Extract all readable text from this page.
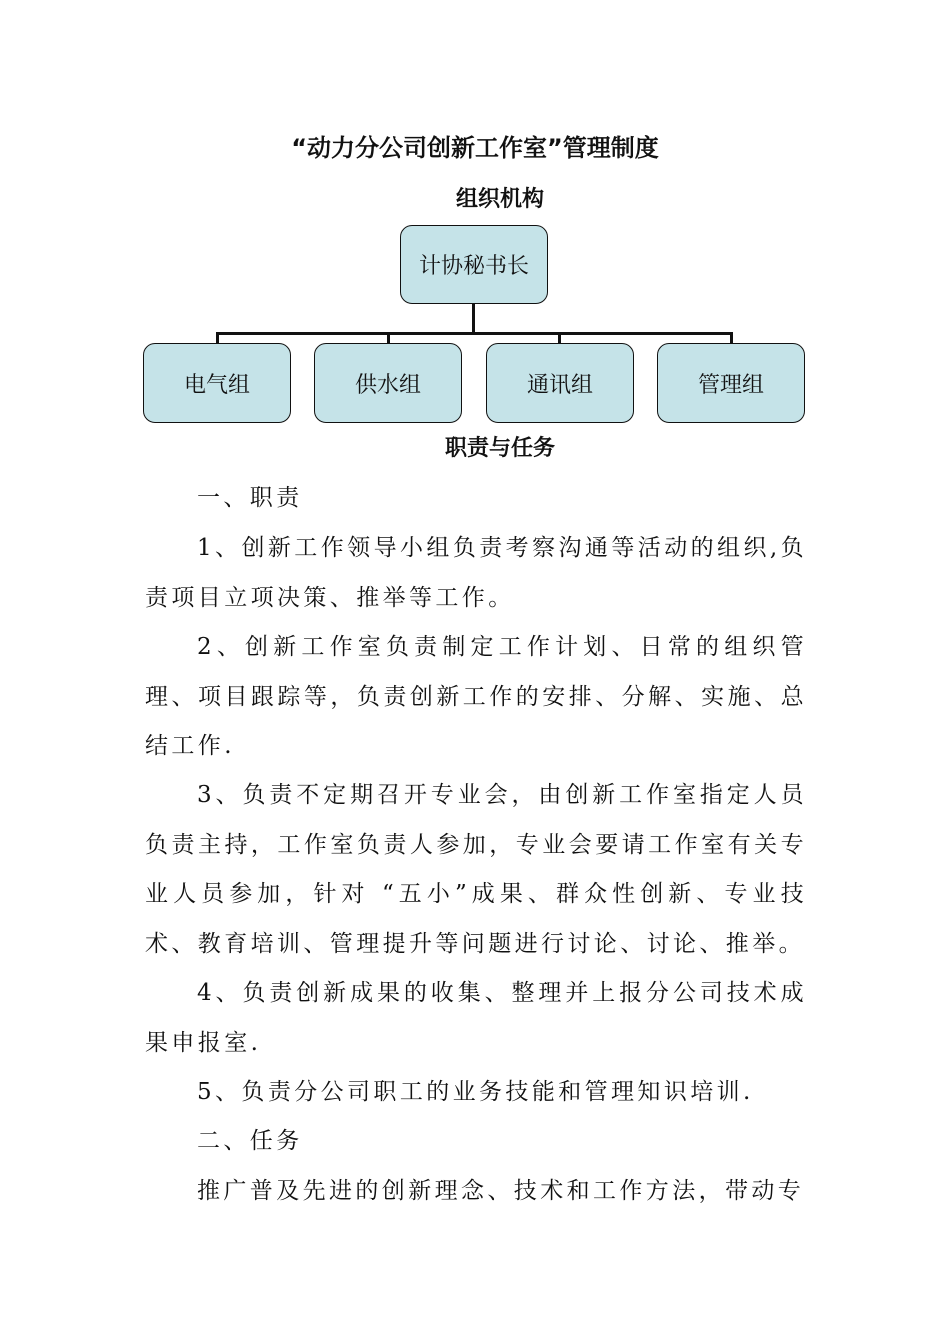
“动力分公司创新工作室”管理制度
组织机构
计协秘书长
电气组	供水组	通讯组	管理组
职责与任务

一、职责

1、创新工作领导小组负责考察沟通等活动的组织,负责项目立项决策、推举等工作。

2、创新工作室负责制定工作计划、日常的组织管理、项目跟踪等，负责创新工作的安排、分解、实施、总结工作.

3、负责不定期召开专业会，由创新工作室指定人员负责主持，工作室负责人参加，专业会要请工作室有关专业人员参加，针对 “五小”成果、群众性创新、专业技术、教育培训、管理提升等问题进行讨论、讨论、推举。

4、负责创新成果的收集、整理并上报分公司技术成果申报室.

5、负责分公司职工的业务技能和管理知识培训.

二、任务

推广普及先进的创新理念、技术和工作方法，带动专
